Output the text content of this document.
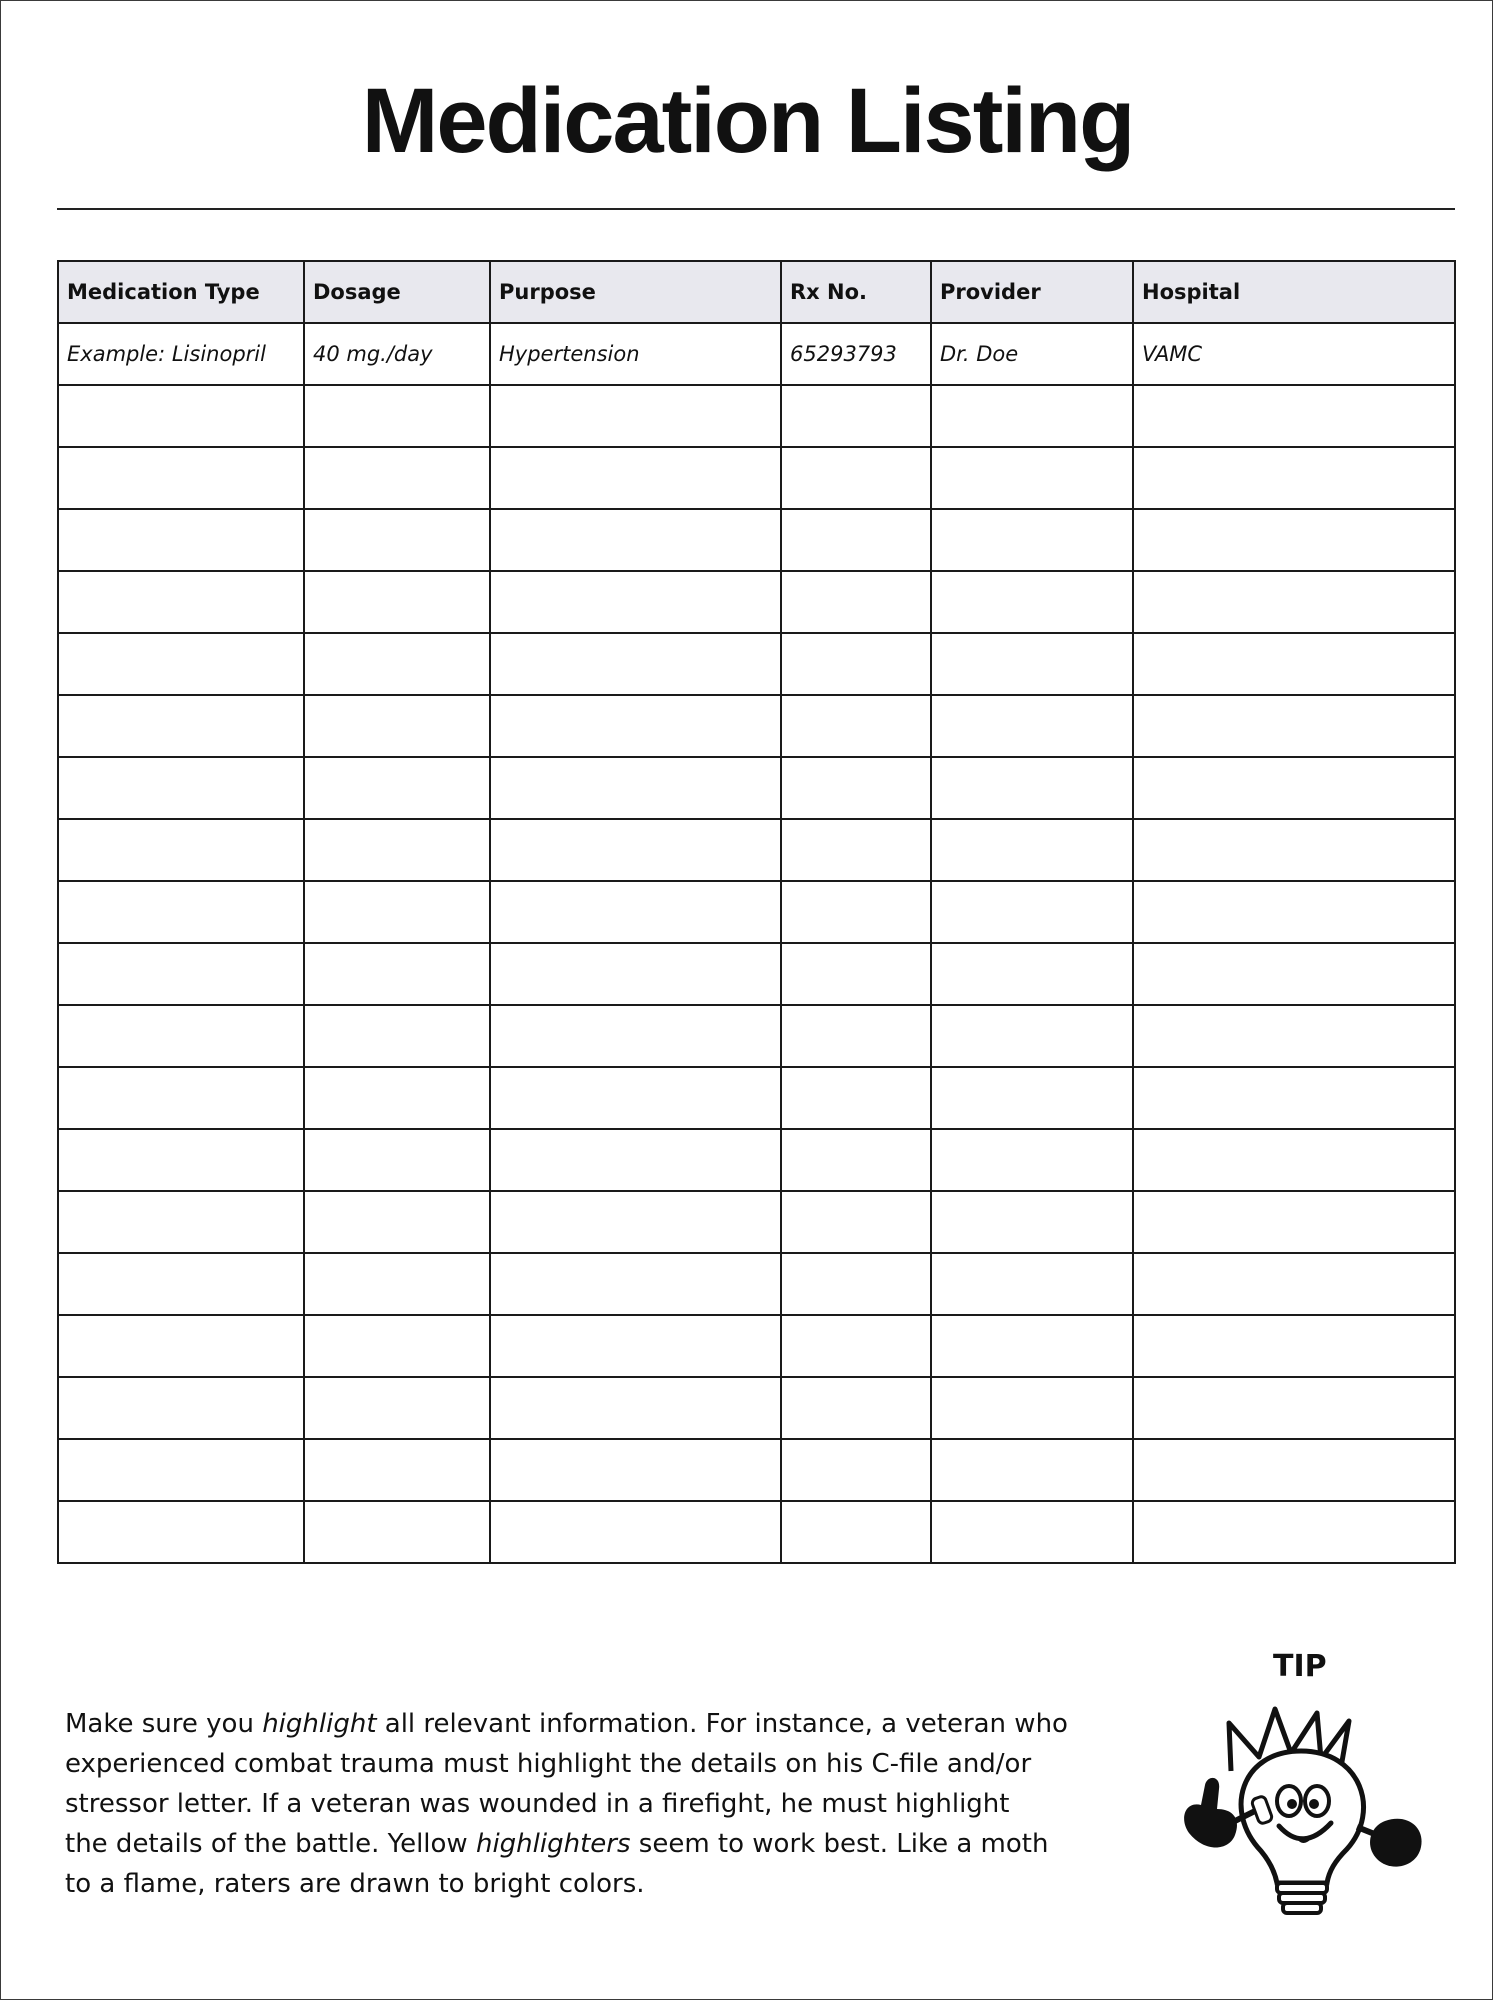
Medication Listing
Medication Type	Dosage	Purpose	Rx No.	Provider	Hospital
Example: Lisinopril	40 mg./day	Hypertension	65293793	Dr. Doe	VAMC

TIP
Make sure you highlight all relevant information. For instance, a veteran who
experienced combat trauma must highlight the details on his C-file and/or
stressor letter. If a veteran was wounded in a firefight, he must highlight
the details of the battle. Yellow highlighters seem to work best. Like a moth
to a flame, raters are drawn to bright colors.
